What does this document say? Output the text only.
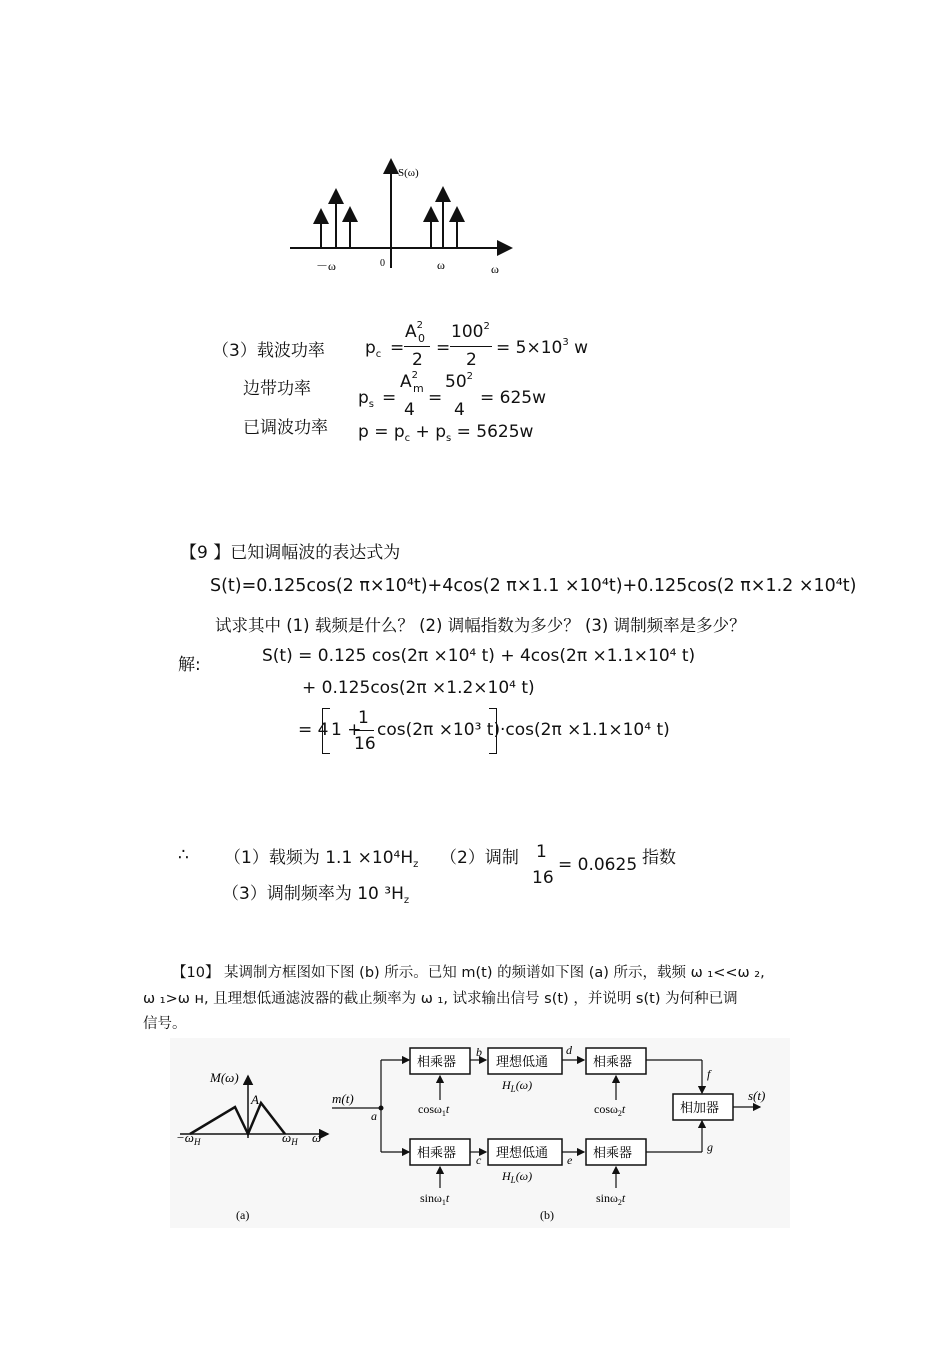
S(ω)
－ω	0	ω	ω
（3）载波功率
边带功率
已调波功率
$p_c$ =
$A^2$
0
2
=
$100^2$
2
= $5\times 10^3$ w
$p_s$ =
$A^2$
m
4
=
$50^2$
4
= 625w
$p = p_c + p_s = 5625w$
【9 】已知调幅波的表达式为
S(t)=0.125cos(2 π×10⁴t)+4cos(2 π×1.1 ×10⁴t)+0.125cos(2 π×1.2 ×10⁴t)
试求其中 (1) 载频是什么？ (2) 调幅指数为多少？ (3) 调制频率是多少？
解:	S(t) = 0.125 cos(2π ×10⁴ t) + 4cos(2π ×1.1×10⁴ t)
+ 0.125cos(2π ×1.2×10⁴ t)
= 4 1 +
1
16
cos(2π ×10³ t) ·cos(2π ×1.1×10⁴ t)
∴ （1）载频为 $1.1 \times 10^4H_z$ （2）调制 1
16
= 0.0625 指数
（3）调制频率为 10 $^3H_z$
【10】 某调制方框图如下图 (b) 所示。已知 m(t) 的频谱如下图 (a) 所示，载频 ω ₁<<ω ₂,
ω ₁>ω ʜ, 且理想低通滤波器的截止频率为 ω ₁, 试求输出信号 s(t) ，并说明 s(t) 为何种已调
信号。
M(ω)
A
$-\omega_H$	$\omega_H$ ω
(a)
m(t)
a
相乘器
b
理想低通
$H_L(\omega)$
d
相乘器
f
cosω$_1$t	cosω$_2$t
相乘器 c 理想低通
$H_L(\omega)$
e 相乘器	g
sinω$_1$t	sinω$_2$t
相加器
s(t)
(b)
